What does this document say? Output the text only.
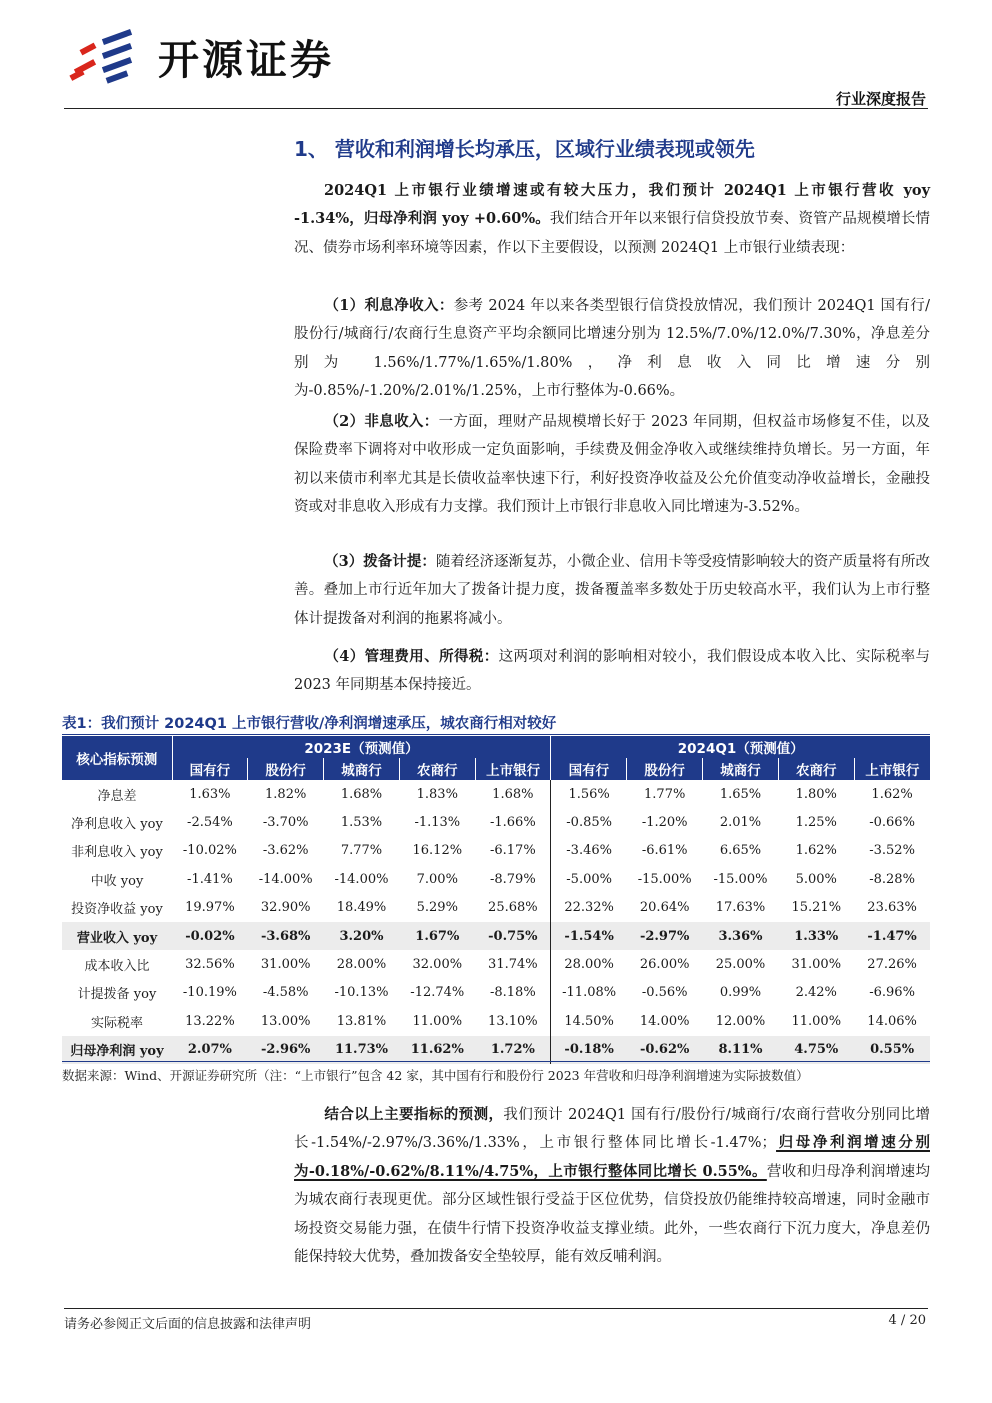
开源证券
行业深度报告
1、 营收和利润增长均承压，区域行业绩表现或领先
2024Q1 上市银行业绩增速或有较大压力，我们预计 2024Q1 上市银行营收 yoy -1.34%，归母净利润 yoy +0.60%。我们结合开年以来银行信贷投放节奏、资管产品规模增长情况、债券市场利率环境等因素，作以下主要假设，以预测 2024Q1 上市银行业绩表现：
（1）利息净收入：参考 2024 年以来各类型银行信贷投放情况，我们预计 2024Q1 国有行/股份行/城商行/农商行生息资产平均余额同比增速分别为 12.5%/7.0%/12.0%/7.30%，净息差分别为 1.56%/1.77%/1.65%/1.80%，净利息收入同比增速分别为-0.85%/-1.20%/2.01%/1.25%，上市行整体为-0.66%。
（2）非息收入：一方面，理财产品规模增长好于 2023 年同期，但权益市场修复不佳，以及保险费率下调将对中收形成一定负面影响，手续费及佣金净收入或继续维持负增长。另一方面，年初以来债市利率尤其是长债收益率快速下行，利好投资净收益及公允价值变动净收益增长，金融投资或对非息收入形成有力支撑。我们预计上市银行非息收入同比增速为-3.52%。
（3）拨备计提：随着经济逐渐复苏，小微企业、信用卡等受疫情影响较大的资产质量将有所改善。叠加上市行近年加大了拨备计提力度，拨备覆盖率多数处于历史较高水平，我们认为上市行整体计提拨备对利润的拖累将减小。
（4）管理费用、所得税：这两项对利润的影响相对较小，我们假设成本收入比、实际税率与 2023 年同期基本保持接近。
表1：我们预计 2024Q1 上市银行营收/净利润增速承压，城农商行相对较好
核心指标预测	2023E（预测值）					2024Q1（预测值）				
	国有行	股份行	城商行	农商行	上市银行	国有行	股份行	城商行	农商行	上市银行
净息差	1.63%	1.82%	1.68%	1.83%	1.68%	1.56%	1.77%	1.65%	1.80%	1.62%
净利息收入 yoy	-2.54%	-3.70%	1.53%	-1.13%	-1.66%	-0.85%	-1.20%	2.01%	1.25%	-0.66%
非利息收入 yoy	-10.02%	-3.62%	7.77%	16.12%	-6.17%	-3.46%	-6.61%	6.65%	1.62%	-3.52%
中收 yoy	-1.41%	-14.00%	-14.00%	7.00%	-8.79%	-5.00%	-15.00%	-15.00%	5.00%	-8.28%
投资净收益 yoy	19.97%	32.90%	18.49%	5.29%	25.68%	22.32%	20.64%	17.63%	15.21%	23.63%
营业收入 yoy	-0.02%	-3.68%	3.20%	1.67%	-0.75%	-1.54%	-2.97%	3.36%	1.33%	-1.47%
成本收入比	32.56%	31.00%	28.00%	32.00%	31.74%	28.00%	26.00%	25.00%	31.00%	27.26%
计提拨备 yoy	-10.19%	-4.58%	-10.13%	-12.74%	-8.18%	-11.08%	-0.56%	0.99%	2.42%	-6.96%
实际税率	13.22%	13.00%	13.81%	11.00%	13.10%	14.50%	14.00%	12.00%	11.00%	14.06%
归母净利润 yoy	2.07%	-2.96%	11.73%	11.62%	1.72%	-0.18%	-0.62%	8.11%	4.75%	0.55%
数据来源：Wind、开源证券研究所（注：“上市银行”包含 42 家，其中国有行和股份行 2023 年营收和归母净利润增速为实际披数值）
结合以上主要指标的预测，我们预计 2024Q1 国有行/股份行/城商行/农商行营收分别同比增长-1.54%/-2.97%/3.36%/1.33%，上市银行整体同比增长-1.47%；归母净利润增速分别为-0.18%/-0.62%/8.11%/4.75%，上市银行整体同比增长 0.55%。营收和归母净利润增速均为城农商行表现更优。部分区域性银行受益于区位优势，信贷投放仍能维持较高增速，同时金融市场投资交易能力强，在债牛行情下投资净收益支撑业绩。此外，一些农商行下沉力度大，净息差仍能保持较大优势，叠加拨备安全垫较厚，能有效反哺利润。
请务必参阅正文后面的信息披露和法律声明	4 / 20
